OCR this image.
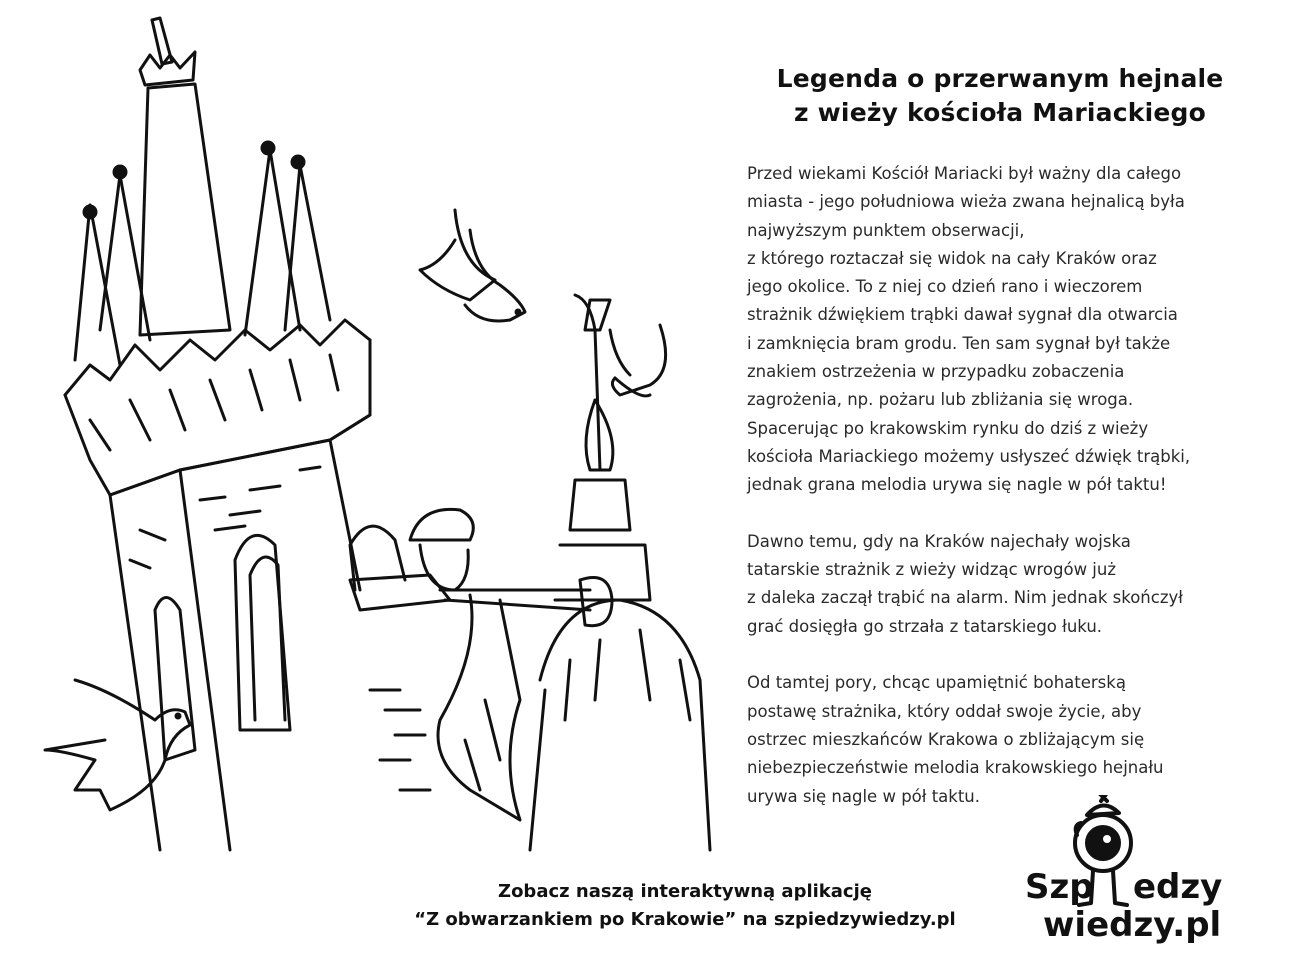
Legenda o przerwanym hejnale
z wieży kościoła Mariackiego
Przed wiekami Kościół Mariacki był ważny dla całego
miasta - jego południowa wieża zwana hejnalicą była
najwyższym punktem obserwacji,
z którego roztaczał się widok na cały Kraków oraz
jego okolice. To z niej co dzień rano i wieczorem
strażnik dźwiękiem trąbki dawał sygnał dla otwarcia
i zamknięcia bram grodu. Ten sam sygnał był także
znakiem ostrzeżenia w przypadku zobaczenia
zagrożenia, np. pożaru lub zbliżania się wroga.
Spacerując po krakowskim rynku do dziś z wieży
kościoła Mariackiego możemy usłyszeć dźwięk trąbki,
jednak grana melodia urywa się nagle w pół taktu!
Dawno temu, gdy na Kraków najechały wojska
tatarskie strażnik z wieży widząc wrogów już
z daleka zaczął trąbić na alarm. Nim jednak skończył
grać dosięgła go strzała z tatarskiego łuku.
Od tamtej pory, chcąc upamiętnić bohaterską
postawę strażnika, który oddał swoje życie, aby
ostrzec mieszkańców Krakowa o zbliżającym się
niebezpieczeństwie melodia krakowskiego hejnału
urywa się nagle w pół taktu.
Zobacz naszą interaktywną aplikację
“Z obwarzankiem po Krakowie” na szpiedzywiedzy.pl
Szp edzy
wiedzy.pl
